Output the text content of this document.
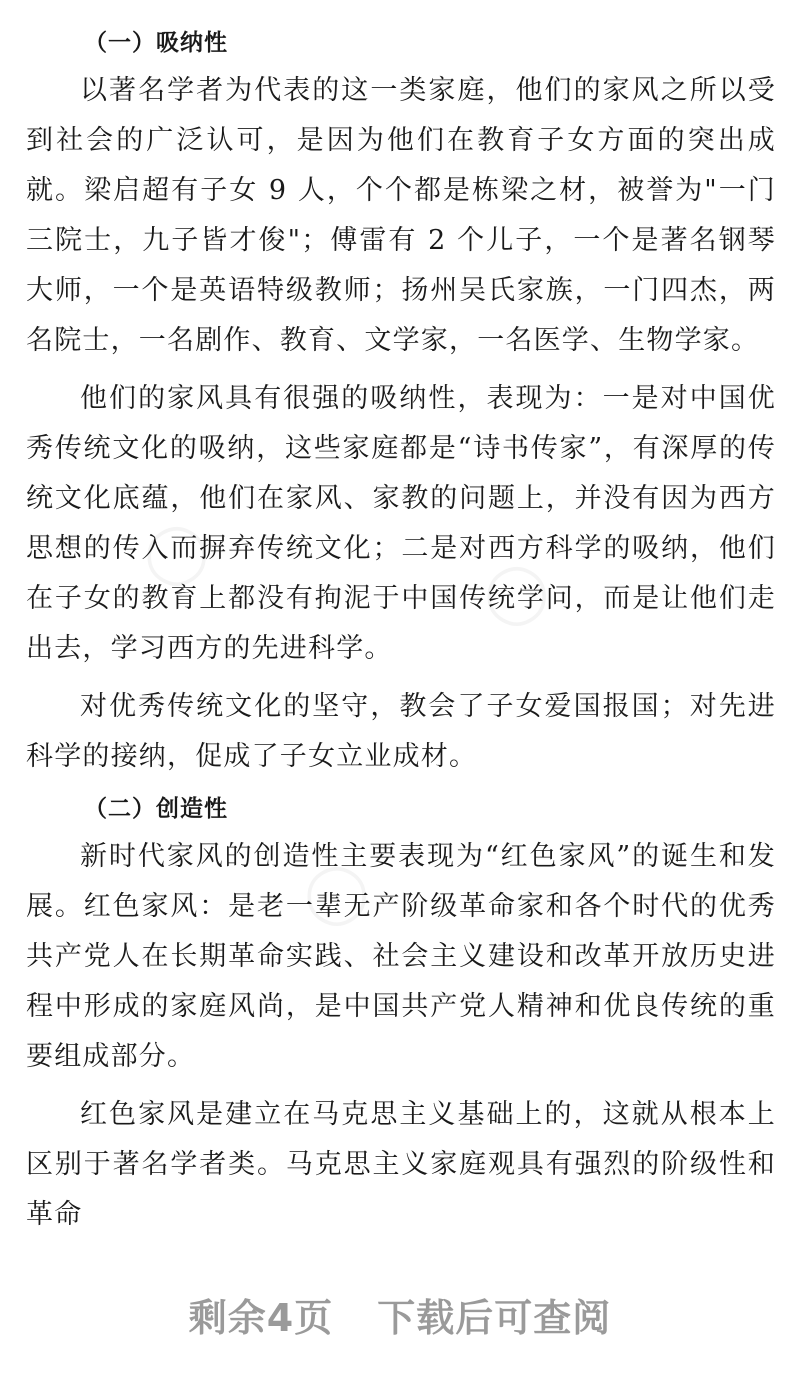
（一）吸纳性

以著名学者为代表的这一类家庭，他们的家风之所以受到社会的广泛认可，是因为他们在教育子女方面的突出成就。梁启超有子女 9 人，个个都是栋梁之材，被誉为"一门三院士，九子皆才俊"；傅雷有 2 个儿子，一个是著名钢琴大师，一个是英语特级教师；扬州吴氏家族，一门四杰，两名院士，一名剧作、教育、文学家，一名医学、生物学家。

他们的家风具有很强的吸纳性，表现为：一是对中国优秀传统文化的吸纳，这些家庭都是“诗书传家”，有深厚的传统文化底蕴，他们在家风、家教的问题上，并没有因为西方思想的传入而摒弃传统文化；二是对西方科学的吸纳，他们在子女的教育上都没有拘泥于中国传统学问，而是让他们走出去，学习西方的先进科学。

对优秀传统文化的坚守，教会了子女爱国报国；对先进科学的接纳，促成了子女立业成材。

（二）创造性

新时代家风的创造性主要表现为“红色家风”的诞生和发展。红色家风：是老一辈无产阶级革命家和各个时代的优秀共产党人在长期革命实践、社会主义建设和改革开放历史进程中形成的家庭风尚，是中国共产党人精神和优良传统的重要组成部分。

红色家风是建立在马克思主义基础上的，这就从根本上区别于著名学者类。马克思主义家庭观具有强烈的阶级性和革命

剩余4页 下载后可查阅
